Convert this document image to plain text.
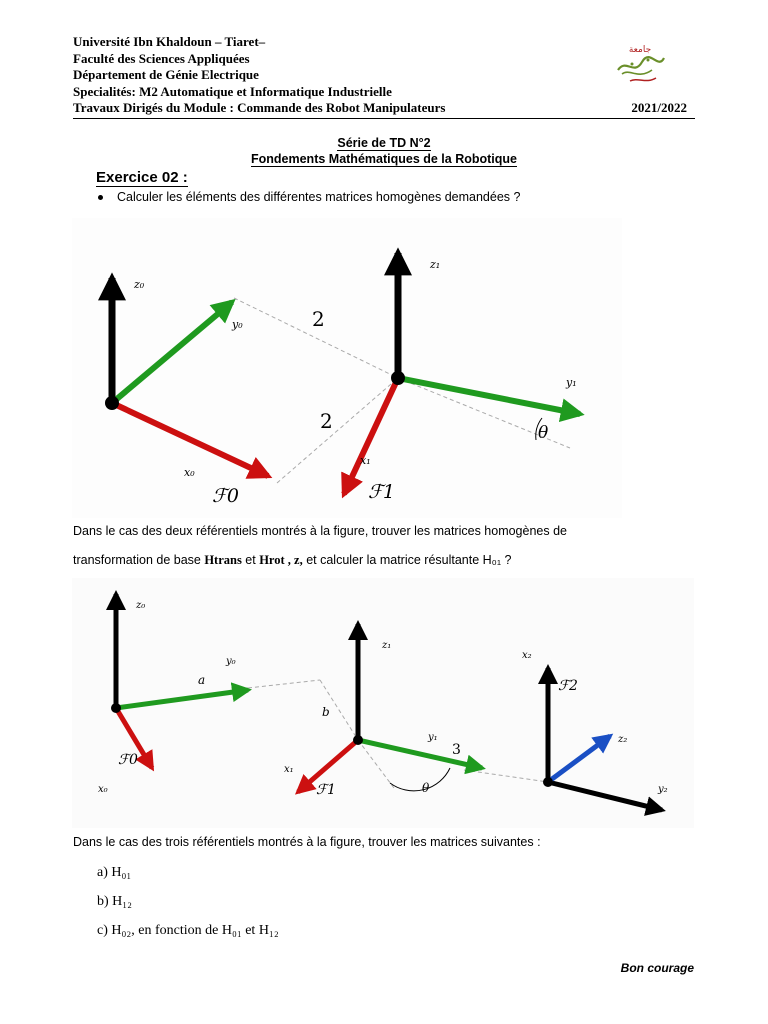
Université Ibn Khaldoun – Tiaret–
Faculté des Sciences Appliquées
Département de Génie Electrique
Specialités: M2 Automatique et Informatique Industrielle
Travaux Dirigés du Module : Commande des Robot Manipulateurs	2021/2022
جامعة
Série de TD N°2
Fondements Mathématiques de la Robotique
Exercice 02 :
Calculer les éléments des différentes matrices homogènes demandées ?
z₀
y₀
x₀
z₁
y₁
x₁
ℱ0	ℱ1
θ
2
2
Dans le cas des deux référentiels montrés à la figure, trouver les matrices homogènes de
transformation de base Htrans et Hrot , z, et calculer la matrice résultante H₀₁ ?
z₀
y₀
x₀
ℱ0
a
b
z₁
y₁
x₁
ℱ1	θ
x₂
ℱ2
z₂
y₂
3
Dans le cas des trois référentiels montrés à la figure, trouver les matrices suivantes :
a) H₀₁
b) H₁₂
c) H₀₂, en fonction de H₀₁ et H₁₂
Bon courage
